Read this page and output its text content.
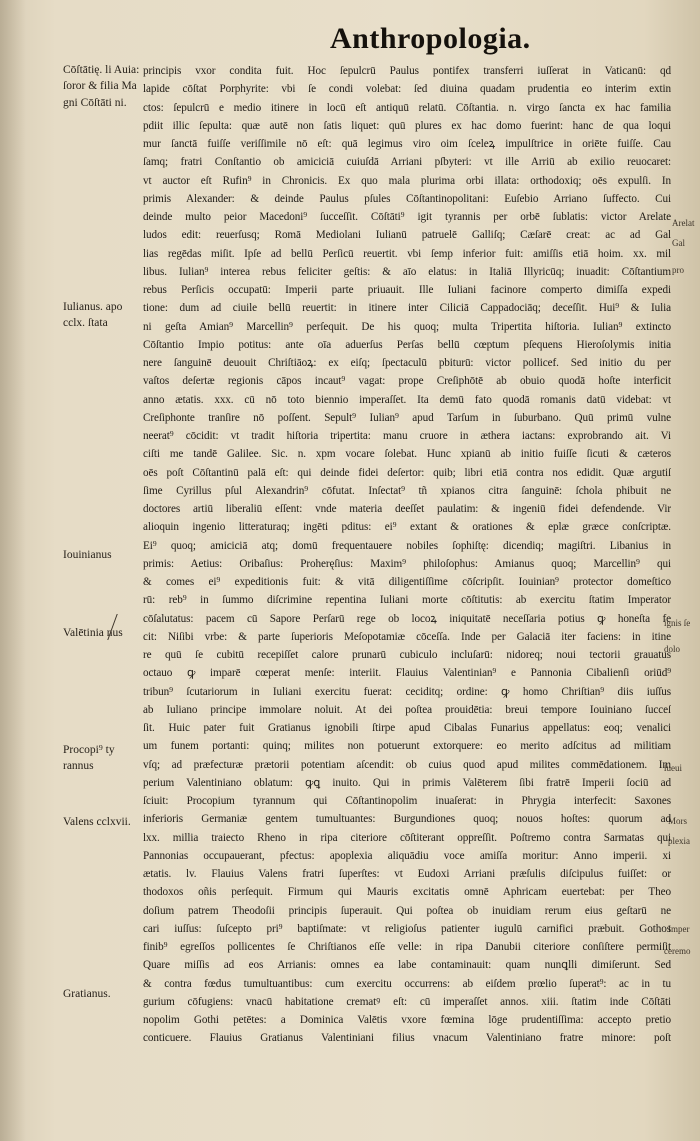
Anthropologia.
Cōſtātię. li Auia: ſoror & filia Ma gni Cōſtāti ni.
Iulianus. apo cclx. ſtata
Iouinianus
Valētinia nus
Procopi⁹ ty rannus
Valens cclxvii.
Gratianus.
Arelat
Gal
pro
ignis ſe
dolo
ſueui
Mors
plexia
Imper
ceremo
principis vxor condita fuit. Hoc ſepulcrū Paulus pontifex transferri iuſſerat in Vaticanū: qd
lapide cōſtat Porphyrite: vbi ſe condi volebat: ſed diuina quadam prudentia eo interim extin
ctos: ſepulcrū e medio itinere in locū eſt antiquū relatū. Cōſtantia. n. virgo ſancta ex hac familia
pdiit illic ſepulta: quæ autē non ſatis liquet: quū plures ex hac domo fuerint: hanc de qua loqui
mur ſanctā fuiſſe veriſſimile nō eſt: quā legimus viro oim ſceleꝝ impulſtrice in oriēte fuiſſe. Cau
ſamq; fratri Conſtantio ob amiciciā cuiuſdā Arriani pſbyteri: vt ille Arriū ab exilio reuocaret:
vt auctor eſt Rufin⁹ in Chronicis. Ex quo mala plurima orbi illata: orthodoxiq; oēs expulſi. In
primis Alexander: & deinde Paulus pſules Cōſtantinopolitani: Euſebio Arriano ſuffecto. Cui
deinde multo peior Macedoni⁹ ſucceſſit. Cōſtāti⁹ igit tyrannis per orbē ſublatis: victor Arelate
ludos edit: reuerſusq; Romā Mediolani Iulianū patruelē Galliſq; Cæſarē creat: ac ad Gal
lias regēdas miſit. Ipſe ad bellū Perſicū reuertit. vbi ſemp inferior fuit: amiſſis etiā hoim. xx. mil
libus. Iulian⁹ interea rebus feliciter geſtis: & aīo elatus: in Italiā Illyricūq; inuadit: Cōſtantium
rebus Perſicis occupatū: Imperii parte priuauit. Ille Iuliani facinore comperto dimiſſa expedi
tione: dum ad ciuile bellū reuertit: in itinere inter Ciliciā Cappadociāq; deceſſit. Hui⁹ & Iulia
ni geſta Amian⁹ Marcellin⁹ perſequit. De his quoq; multa Tripertita hiſtoria. Iulian⁹ extincto
Cōſtantio Impio potitus: ante oīa aduerſus Perſas bellū cœptum pſequens Hieroſolymis initia
nere ſanguinē deuouit Chriſtiāoꝝ: ex eiſq; ſpectaculū pbiturū: victor pollicef. Sed initio du per
vaſtos deſertæ regionis cāpos incaut⁹ vagat: prope Creſiphōtē ab obuio quodā hoſte interficit
anno ætatis. xxx. cū nō toto biennio imperaſſet. Ita demū fato quodā romanis datū videbat: vt
Creſiphonte tranſire nō poſſent. Sepult⁹ Iulian⁹ apud Tarſum in ſuburbano. Quū primū vulne
neerat⁹ cōcidit: vt tradit hiſtoria tripertita: manu cruore in æthera iactans: exprobrando ait. Vi
ciſti me tandē Galilee. Sic. n. xpm vocare ſolebat. Hunc xpianū ab initio fuiſſe ſicuti & cæteros
oēs poſt Cōſtantinū palā eſt: qui deinde fidei deſertor: quib; libri etiā contra nos edidit. Quæ argutiſ
ſime Cyrillus pſul Alexandrin⁹ cōfutat. Inſectat⁹ tñ xpianos citra ſanguinē: ſchola phibuit ne
doctores artiū liberaliū eſſent: vnde materia deeſſet paulatim: & ingeniū fidei defendende. Vir
alioquin ingenio litteraturaq; ingēti pditus: ei⁹ extant & orationes & eplæ græce conſcriptæ.
Ei⁹ quoq; amiciciā atq; domū frequentauere nobiles ſophiſtę: dicendiq; magiſtri. Libanius in
primis: Aetius: Oribaſius: Proheręſius: Maxim⁹ philoſophus: Amianus quoq; Marcellin⁹ qui
& comes ei⁹ expeditionis fuit: & vitā diligentiſſime cōſcripſit. Iouinian⁹ protector domeſtico
rū: reb⁹ in ſummo diſcrimine repentina Iuliani morte cōſtitutis: ab exercitu ſtatim Imperator
cōſalutatus: pacem cū Sapore Perſarū rege ob locoꝝ iniquitatē neceſſaria potius ꝙ honeſta fe
cit: Niſibi vrbe: & parte ſuperioris Meſopotamiæ cōceſſa. Inde per Galaciā iter faciens: in itine
re quū ſe cubitū recepiſſet calore prunarū cubiculo incluſarū: nidoreq; noui tectorii grauatus
octauo ꝙ imparē cœperat menſe: interiit. Flauius Valentinian⁹ e Pannonia Cibalienſi oriūd⁹
tribun⁹ ſcutariorum in Iuliani exercitu fuerat: ceciditq; ordine: ꝙ homo Chriſtian⁹ diis iuſſus
ab Iuliano principe immolare noluit. At dei poſtea prouidētia: breui tempore Iouiniano ſucceſ
ſit. Huic pater fuit Gratianus ignobili ſtirpe apud Cibalas Funarius appellatus: eoq; venalici
um funem portanti: quinq; milites non potuerunt extorquere: eo merito adſcitus ad militiam
vſq; ad præfecturæ prætorii potentiam aſcendit: ob cuius quod apud milites commēdationem. Im
perium Valentiniano oblatum: ꝙꝗ inuito. Qui in primis Valēterem ſibi fratrē Imperii ſociū ad
ſciuit: Procopium tyrannum qui Cōſtantinopolim inuaſerat: in Phrygia interfecit: Saxones
inferioris Germaniæ gentem tumultuantes: Burgundiones quoq; nouos hoſtes: quorum ad
lxx. millia traiecto Rheno in ripa citeriore cōſtiterant oppreſſit. Poſtremo contra Sarmatas qui
Pannonias occupauerant, pfectus: apoplexia aliquādiu voce amiſſa moritur: Anno imperii. xi
ætatis. lv. Flauius Valens fratri ſuperſtes: vt Eudoxi Arriani præſulis diſcipulus fuiſſet: or
thodoxos oñis perſequit. Firmum qui Mauris excitatis omnē Aphricam euertebat: per Theo
doſium patrem Theodoſii principis ſuperauit. Qui poſtea ob inuidiam rerum eius geſtarū ne
cari iuſſus: ſuſcepto pri⁹ baptiſmate: vt religioſus patienter iugulū carnifici præbuit. Gothos
finib⁹ egreſſos pollicentes ſe Chriſtianos eſſe velle: in ripa Danubii citeriore conſiſtere permiſit
Quare miſſis ad eos Arrianis: omnes ea labe contaminauit: quam nunꝗlli dimiſerunt. Sed
& contra fœdus tumultuantibus: cum exercitu occurrens: ab eiſdem prœlio ſuperat⁹: ac in tu
gurium cōfugiens: vnacū habitatione crematꝰ eſt: cū imperaſſet annos. xiii. ſtatim inde Cōſtāti
nopolim Gothi petētes: a Dominica Valētis vxore fœmina lōge prudentiſſima: accepto pretio
conticuere. Flauius Gratianus Valentiniani filius vnacum Valentiniano fratre minore: poſt
